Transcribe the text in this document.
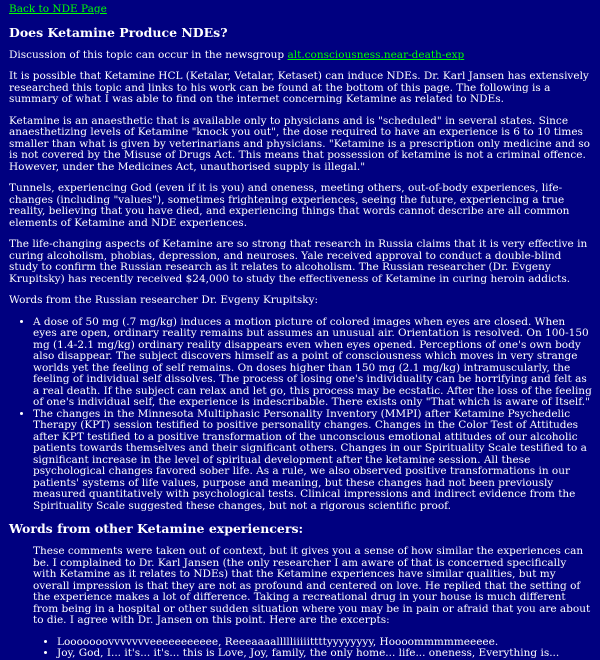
Back to NDE Page
Does Ketamine Produce NDEs?

Discussion of this topic can occur in the newsgroup alt.consciousness.near-death-exp

It is possible that Ketamine HCL (Ketalar, Vetalar, Ketaset) can induce NDEs. Dr. Karl Jansen has extensively researched this topic and links to his work can be found at the bottom of this page. The following is a summary of what I was able to find on the internet concerning Ketamine as related to NDEs.

Ketamine is an anaesthetic that is available only to physicians and is "scheduled" in several states. Since anaesthetizing levels of Ketamine "knock you out", the dose required to have an experience is 6 to 10 times smaller than what is given by veterinarians and physicians. "Ketamine is a prescription only medicine and so is not covered by the Misuse of Drugs Act. This means that possession of ketamine is not a criminal offence. However, under the Medicines Act, unauthorised supply is illegal."

Tunnels, experiencing God (even if it is you) and oneness, meeting others, out-of-body experiences, life-changes (including "values"), sometimes frightening experiences, seeing the future, experiencing a true reality, believing that you have died, and experiencing things that words cannot describe are all common elements of Ketamine and NDE experiences.

The life-changing aspects of Ketamine are so strong that research in Russia claims that it is very effective in curing alcoholism, phobias, depression, and neuroses. Yale received approval to conduct a double-blind study to confirm the Russian research as it relates to alcoholism. The Russian researcher (Dr. Evgeny Krupitsky) has recently received $24,000 to study the effectiveness of Ketamine in curing heroin addicts.

Words from the Russian researcher Dr. Evgeny Krupitsky:

• A dose of 50 mg (.7 mg/kg) induces a motion picture of colored images when eyes are closed. When eyes are open, ordinary reality remains but assumes an unusual air. Orientation is resolved. On 100-150 mg (1.4-2.1 mg/kg) ordinary reality disappears even when eyes opened. Perceptions of one's own body also disappear. The subject discovers himself as a point of consciousness which moves in very strange worlds yet the feeling of self remains. On doses higher than 150 mg (2.1 mg/kg) intramuscularly, the feeling of individual self dissolves. The process of losing one's individuality can be horrifying and felt as a real death. If the subject can relax and let go, this process may be ecstatic. After the loss of the feeling of one's individual self, the experience is indescribable. There exists only "That which is aware of Itself."
• The changes in the Minnesota Multiphasic Personality Inventory (MMPI) after Ketamine Psychedelic Therapy (KPT) session testified to positive personality changes. Changes in the Color Test of Attitudes after KPT testified to a positive transformation of the unconscious emotional attitudes of our alcoholic patients towards themselves and their significant others. Changes in our Spirituality Scale testified to a significant increase in the level of spiritual development after the ketamine session. All these psychological changes favored sober life. As a rule, we also observed positive transformations in our patients' systems of life values, purpose and meaning, but these changes had not been previously measured quantitatively with psychological tests. Clinical impressions and indirect evidence from the Spirituality Scale suggested these changes, but not a rigorous scientific proof.
Words from other Ketamine experiencers:

These comments were taken out of context, but it gives you a sense of how similar the experiences can be. I complained to Dr. Karl Jansen (the only researcher I am aware of that is concerned specifically with Ketamine as it relates to NDEs) that the Ketamine experiences have similar qualities, but my overall impression is that they are not as profound and centered on love. He replied that the setting of the experience makes a lot of difference. Taking a recreational drug in your house is much different from being in a hospital or other sudden situation where you may be in pain or afraid that you are about to die. I agree with Dr. Jansen on this point. Here are the excerpts:

• Looooooovvvvvvveeeeeeeeeee, Reeeaaaallllliiiiittttyyyyyyyy, Hoooommmmmeeeee.
• Joy, God, I... it's... it's... this is Love, Joy, family, the only home... life... oneness, Everything is...
